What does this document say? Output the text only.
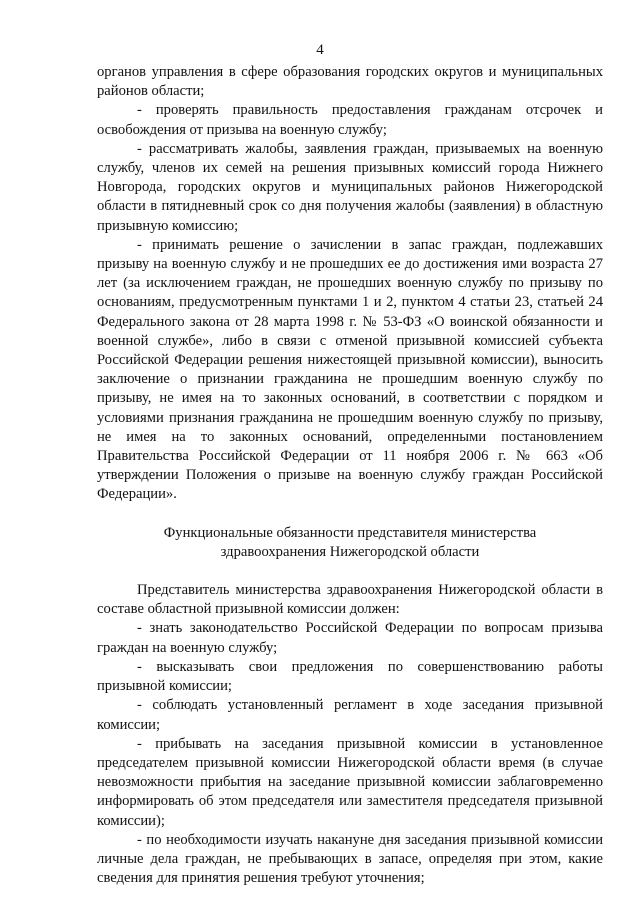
4

органов управления в сфере образования городских округов и муниципальных районов области;

- проверять правильность предоставления гражданам отсрочек и освобождения от призыва на военную службу;

- рассматривать жалобы, заявления граждан, призываемых на военную службу, членов их семей на решения призывных комиссий города Нижнего Новгорода, городских округов и муниципальных районов Нижегородской области в пятидневный срок со дня получения жалобы (заявления) в областную призывную комиссию;

- принимать решение о зачислении в запас граждан, подлежавших призыву на военную службу и не прошедших ее до достижения ими возраста 27 лет (за исключением граждан, не прошедших военную службу по призыву по основаниям, предусмотренным пунктами 1 и 2, пунктом 4 статьи 23, статьей 24 Федерального закона от 28 марта 1998 г. № 53-ФЗ «О воинской обязанности и военной службе», либо в связи с отменой призывной комиссией субъекта Российской Федерации решения нижестоящей призывной комиссии), выносить заключение о признании гражданина не прошедшим военную службу по призыву, не имея на то законных оснований, в соответствии с порядком и условиями признания гражданина не прошедшим военную службу по призыву, не имея на то законных оснований, определенными постановлением Правительства Российской Федерации от 11 ноября 2006 г. № 663 «Об утверждении Положения о призыве на военную службу граждан Российской Федерации».

Функциональные обязанности представителя министерства
здравоохранения Нижегородской области

Представитель министерства здравоохранения Нижегородской области в составе областной призывной комиссии должен:

- знать законодательство Российской Федерации по вопросам призыва граждан на военную службу;

- высказывать свои предложения по совершенствованию работы призывной комиссии;

- соблюдать установленный регламент в ходе заседания призывной комиссии;

- прибывать на заседания призывной комиссии в установленное председателем призывной комиссии Нижегородской области время (в случае невозможности прибытия на заседание призывной комиссии заблаговременно информировать об этом председателя или заместителя председателя призывной комиссии);

- по необходимости изучать накануне дня заседания призывной комиссии личные дела граждан, не пребывающих в запасе, определяя при этом, какие сведения для принятия решения требуют уточнения;
